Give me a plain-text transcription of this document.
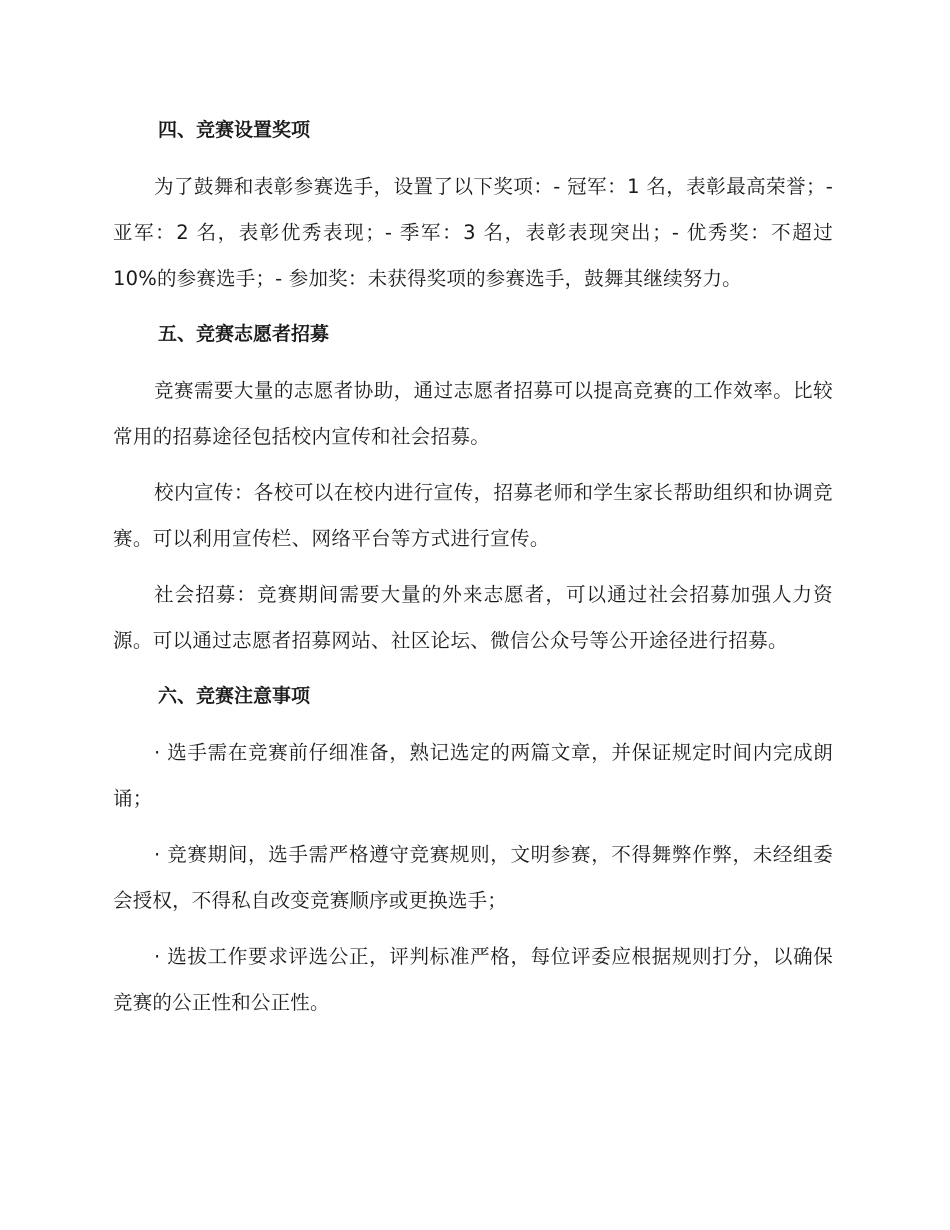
四、竞赛设置奖项

为了鼓舞和表彰参赛选手，设置了以下奖项：- 冠军：1 名，表彰最高荣誉；- 亚军：2 名，表彰优秀表现；- 季军：3 名，表彰表现突出；- 优秀奖：不超过 10%的参赛选手；- 参加奖：未获得奖项的参赛选手，鼓舞其继续努力。

五、竞赛志愿者招募

竞赛需要大量的志愿者协助，通过志愿者招募可以提高竞赛的工作效率。比较常用的招募途径包括校内宣传和社会招募。

校内宣传：各校可以在校内进行宣传，招募老师和学生家长帮助组织和协调竞赛。可以利用宣传栏、网络平台等方式进行宣传。

社会招募：竞赛期间需要大量的外来志愿者，可以通过社会招募加强人力资源。可以通过志愿者招募网站、社区论坛、微信公众号等公开途径进行招募。

六、竞赛注意事项

· 选手需在竞赛前仔细准备，熟记选定的两篇文章，并保证规定时间内完成朗诵；

· 竞赛期间，选手需严格遵守竞赛规则，文明参赛，不得舞弊作弊，未经组委会授权，不得私自改变竞赛顺序或更换选手；

· 选拔工作要求评选公正，评判标准严格，每位评委应根据规则打分，以确保竞赛的公正性和公正性。
